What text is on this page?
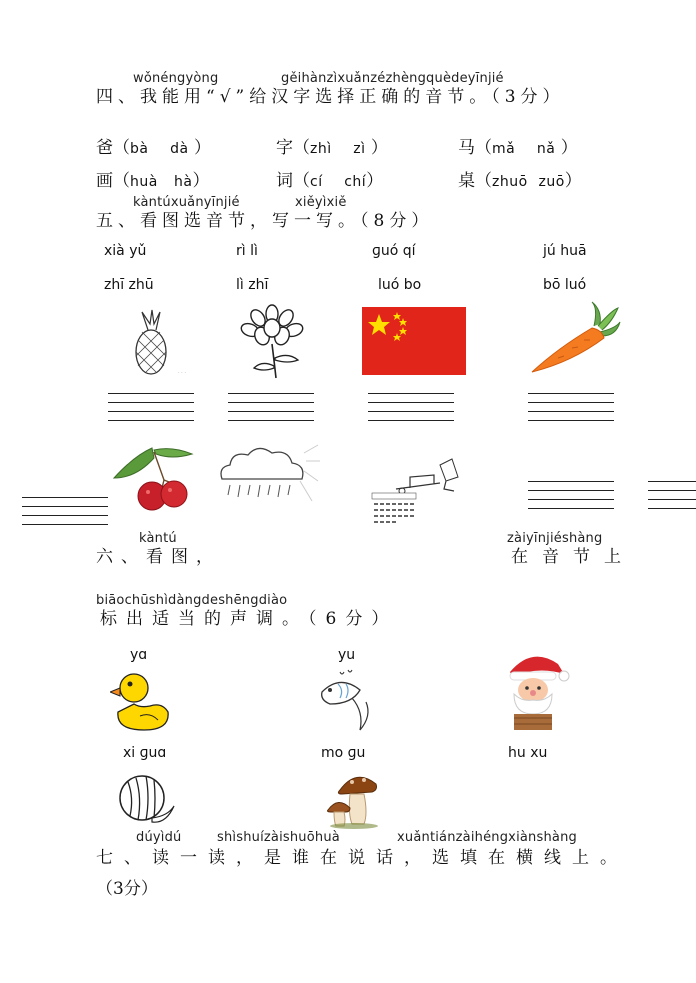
wǒnéngyòng	gěihànzìxuǎnzézhèngquèdeyīnjié
四、我能用“√”给汉字选择正确的音节。（3分）
爸（bà dà ）	字（zhì zì ）	马（mǎ nǎ ）
画（huà hà）	词（cí chí）	桌（zhuō zuō）
kàntúxuǎnyīnjié	xiěyìxiě
五、看图选音节，写一写。（8分）
xià yǔ	rì lì	ɡuó qí	jú huā
zhī zhū	lì zhī	luó bo	bō luó
· · ·
kàntú
六、看图，
zàiyīnjiéshàng
在音节上
biāochūshìdàngdeshēngdiào
标出适当的声调。（6分）
yɑ	yu
xi ɡuɑ	mo ɡu	hu xu
dúyìdú	shìshuízàishuōhuà	xuǎntiánzàihéngxiànshàng
七、读一读，是谁在说话，选填在横线上。
（3分）
